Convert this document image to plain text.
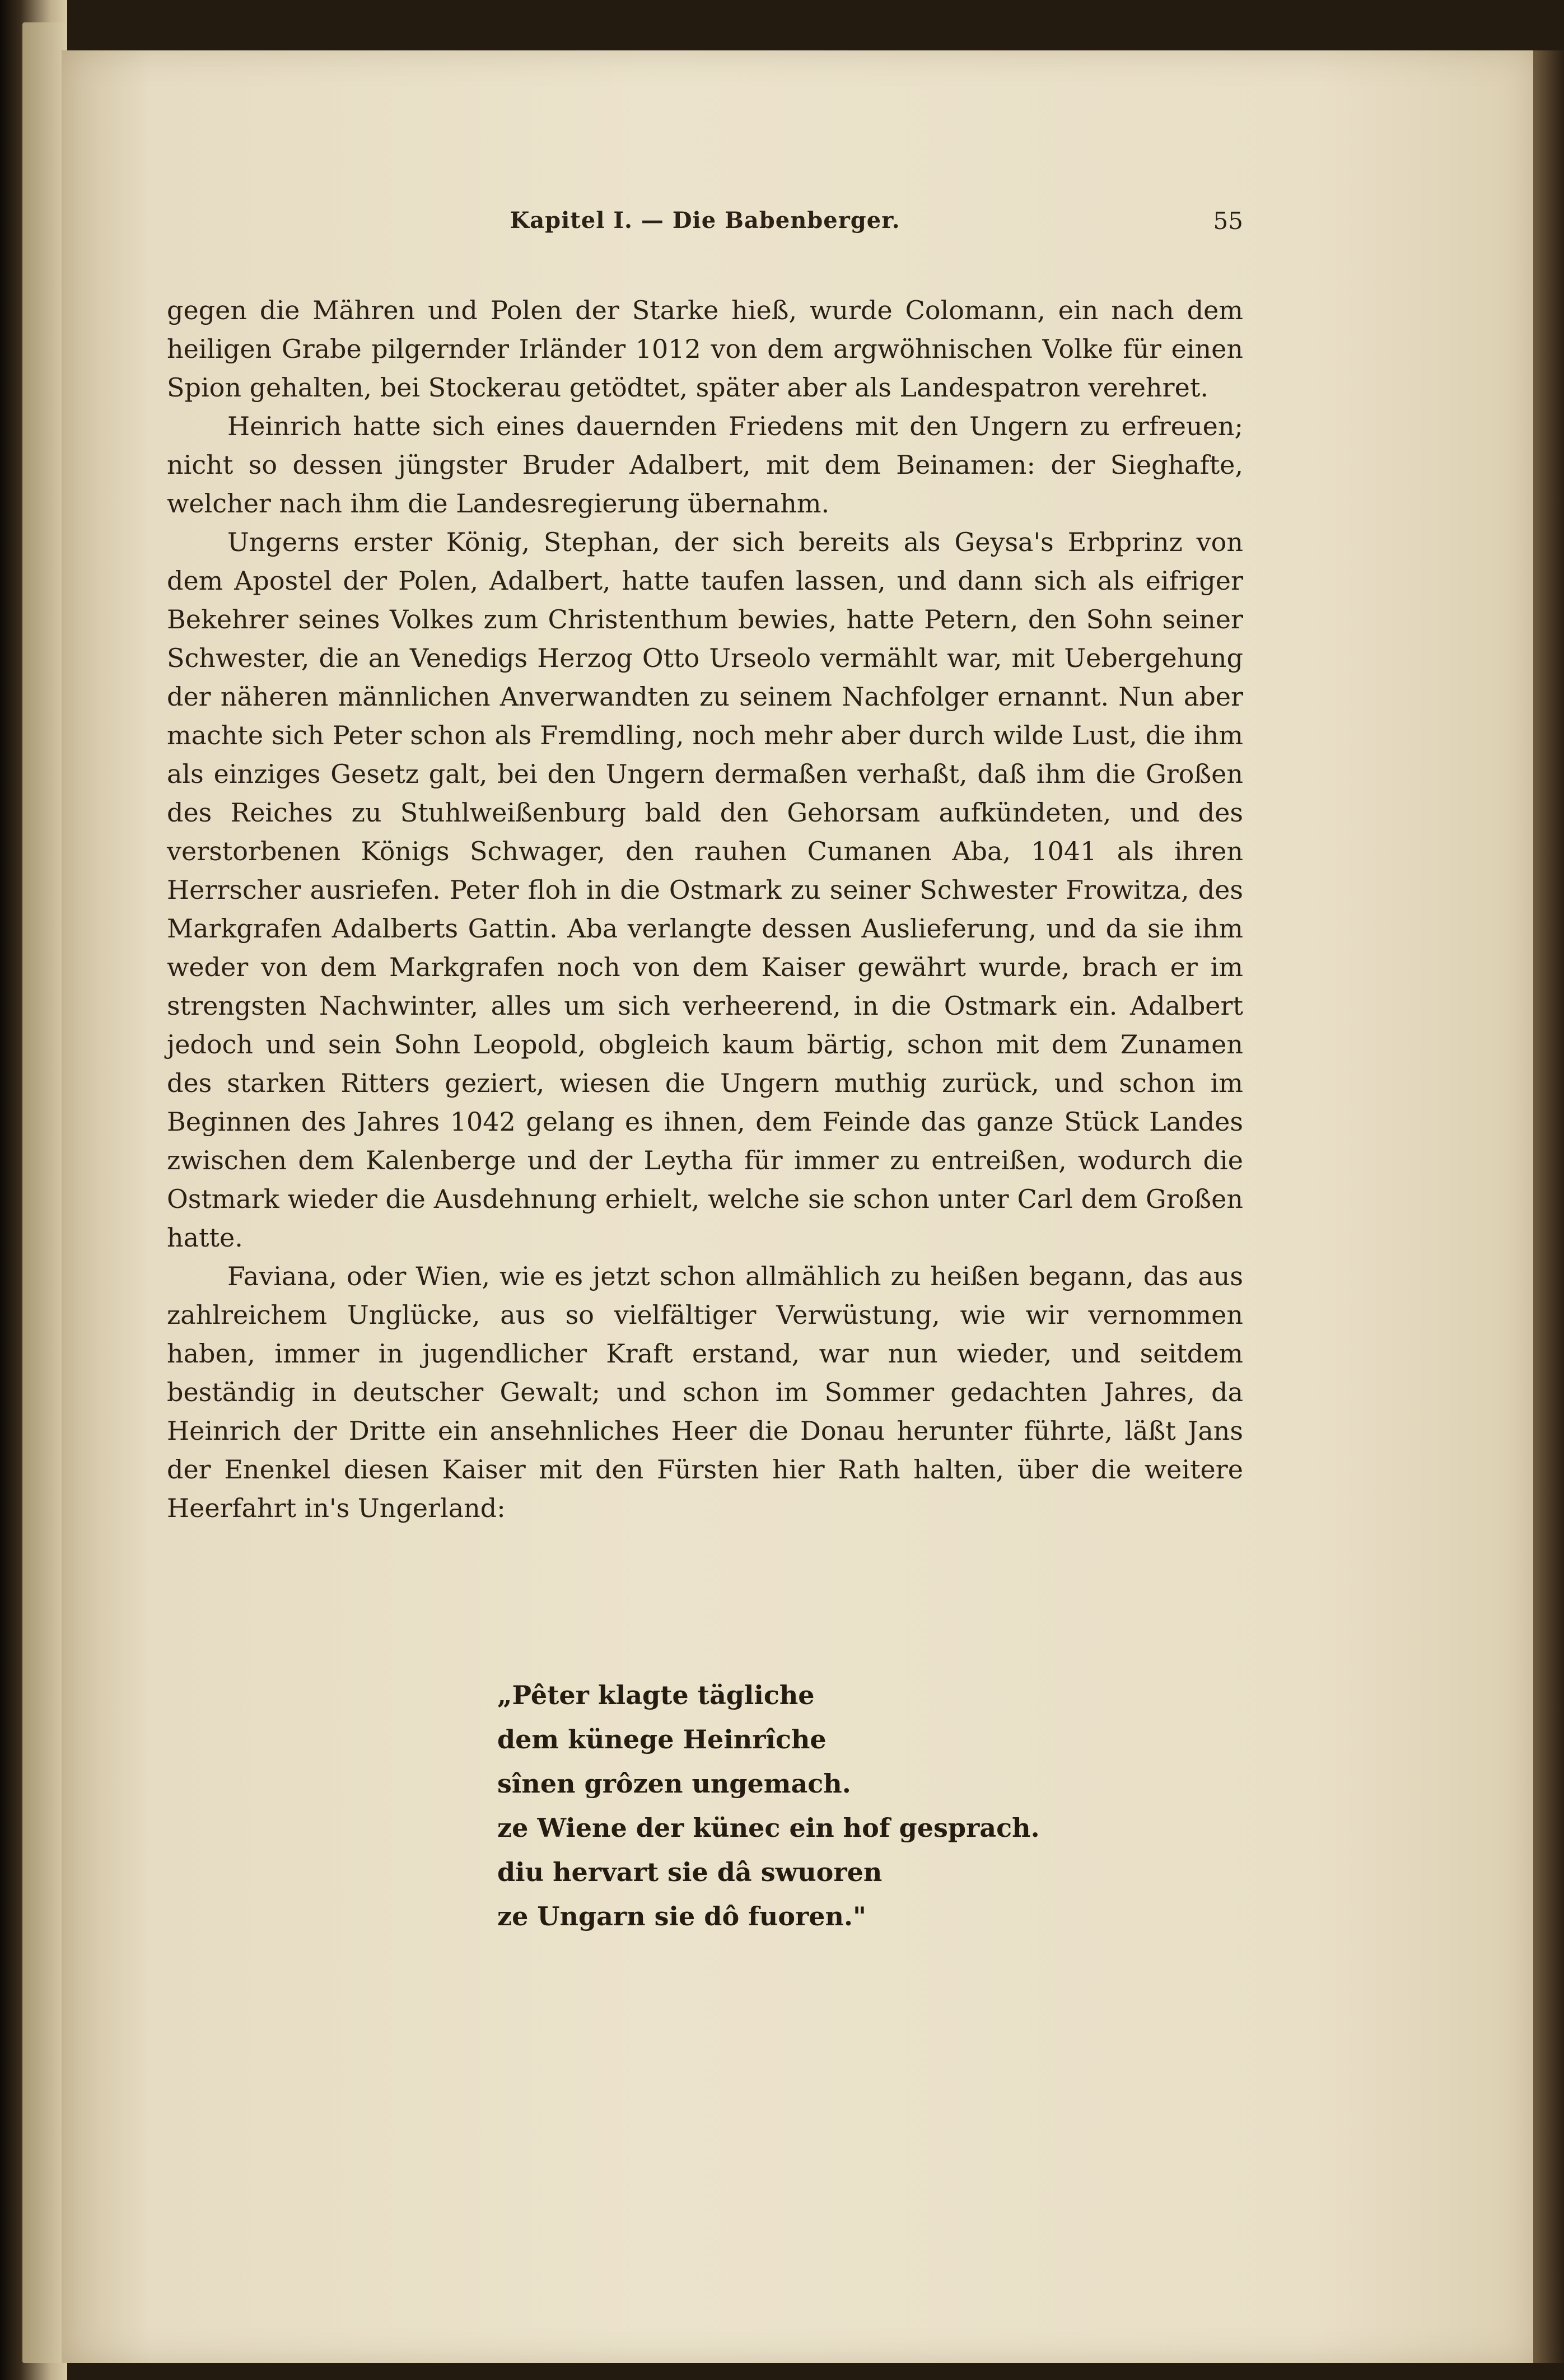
Kapitel I. — Die Babenberger.	55

gegen die Mähren und Polen der Starke hieß, wurde Colomann, ein nach dem heiligen Grabe pilgernder Irländer 1012 von dem argwöhnischen Volke für einen Spion gehalten, bei Stockerau getödtet, später aber als Landespatron verehret.

Heinrich hatte sich eines dauernden Friedens mit den Ungern zu erfreuen; nicht so dessen jüngster Bruder Adalbert, mit dem Beinamen: der Sieghafte, welcher nach ihm die Landesregierung übernahm.

Ungerns erster König, Stephan, der sich bereits als Geysa's Erbprinz von dem Apostel der Polen, Adalbert, hatte taufen lassen, und dann sich als eifriger Bekehrer seines Volkes zum Christenthum bewies, hatte Petern, den Sohn seiner Schwester, die an Venedigs Herzog Otto Urseolo vermählt war, mit Uebergehung der näheren männlichen Anverwandten zu seinem Nachfolger ernannt. Nun aber machte sich Peter schon als Fremdling, noch mehr aber durch wilde Lust, die ihm als einziges Gesetz galt, bei den Ungern dermaßen verhaßt, daß ihm die Großen des Reiches zu Stuhlweißenburg bald den Gehorsam aufkündeten, und des verstorbenen Königs Schwager, den rauhen Cumanen Aba, 1041 als ihren Herrscher ausriefen. Peter floh in die Ostmark zu seiner Schwester Frowitza, des Markgrafen Adalberts Gattin. Aba verlangte dessen Auslieferung, und da sie ihm weder von dem Markgrafen noch von dem Kaiser gewährt wurde, brach er im strengsten Nachwinter, alles um sich verheerend, in die Ostmark ein. Adalbert jedoch und sein Sohn Leopold, obgleich kaum bärtig, schon mit dem Zunamen des starken Ritters geziert, wiesen die Ungern muthig zurück, und schon im Beginnen des Jahres 1042 gelang es ihnen, dem Feinde das ganze Stück Landes zwischen dem Kalenberge und der Leytha für immer zu entreißen, wodurch die Ostmark wieder die Ausdehnung erhielt, welche sie schon unter Carl dem Großen hatte.

Faviana, oder Wien, wie es jetzt schon allmählich zu heißen begann, das aus zahlreichem Unglücke, aus so vielfältiger Verwüstung, wie wir vernommen haben, immer in jugendlicher Kraft erstand, war nun wieder, und seitdem beständig in deutscher Gewalt; und schon im Sommer gedachten Jahres, da Heinrich der Dritte ein ansehnliches Heer die Donau herunter führte, läßt Jans der Enenkel diesen Kaiser mit den Fürsten hier Rath halten, über die weitere Heerfahrt in's Ungerland:

„Pêter klagte tägliche
dem künege Heinrîche
sînen grôzen ungemach.
ze Wiene der künec ein hof gesprach.
diu hervart sie dâ swuoren
ze Ungarn sie dô fuoren."
